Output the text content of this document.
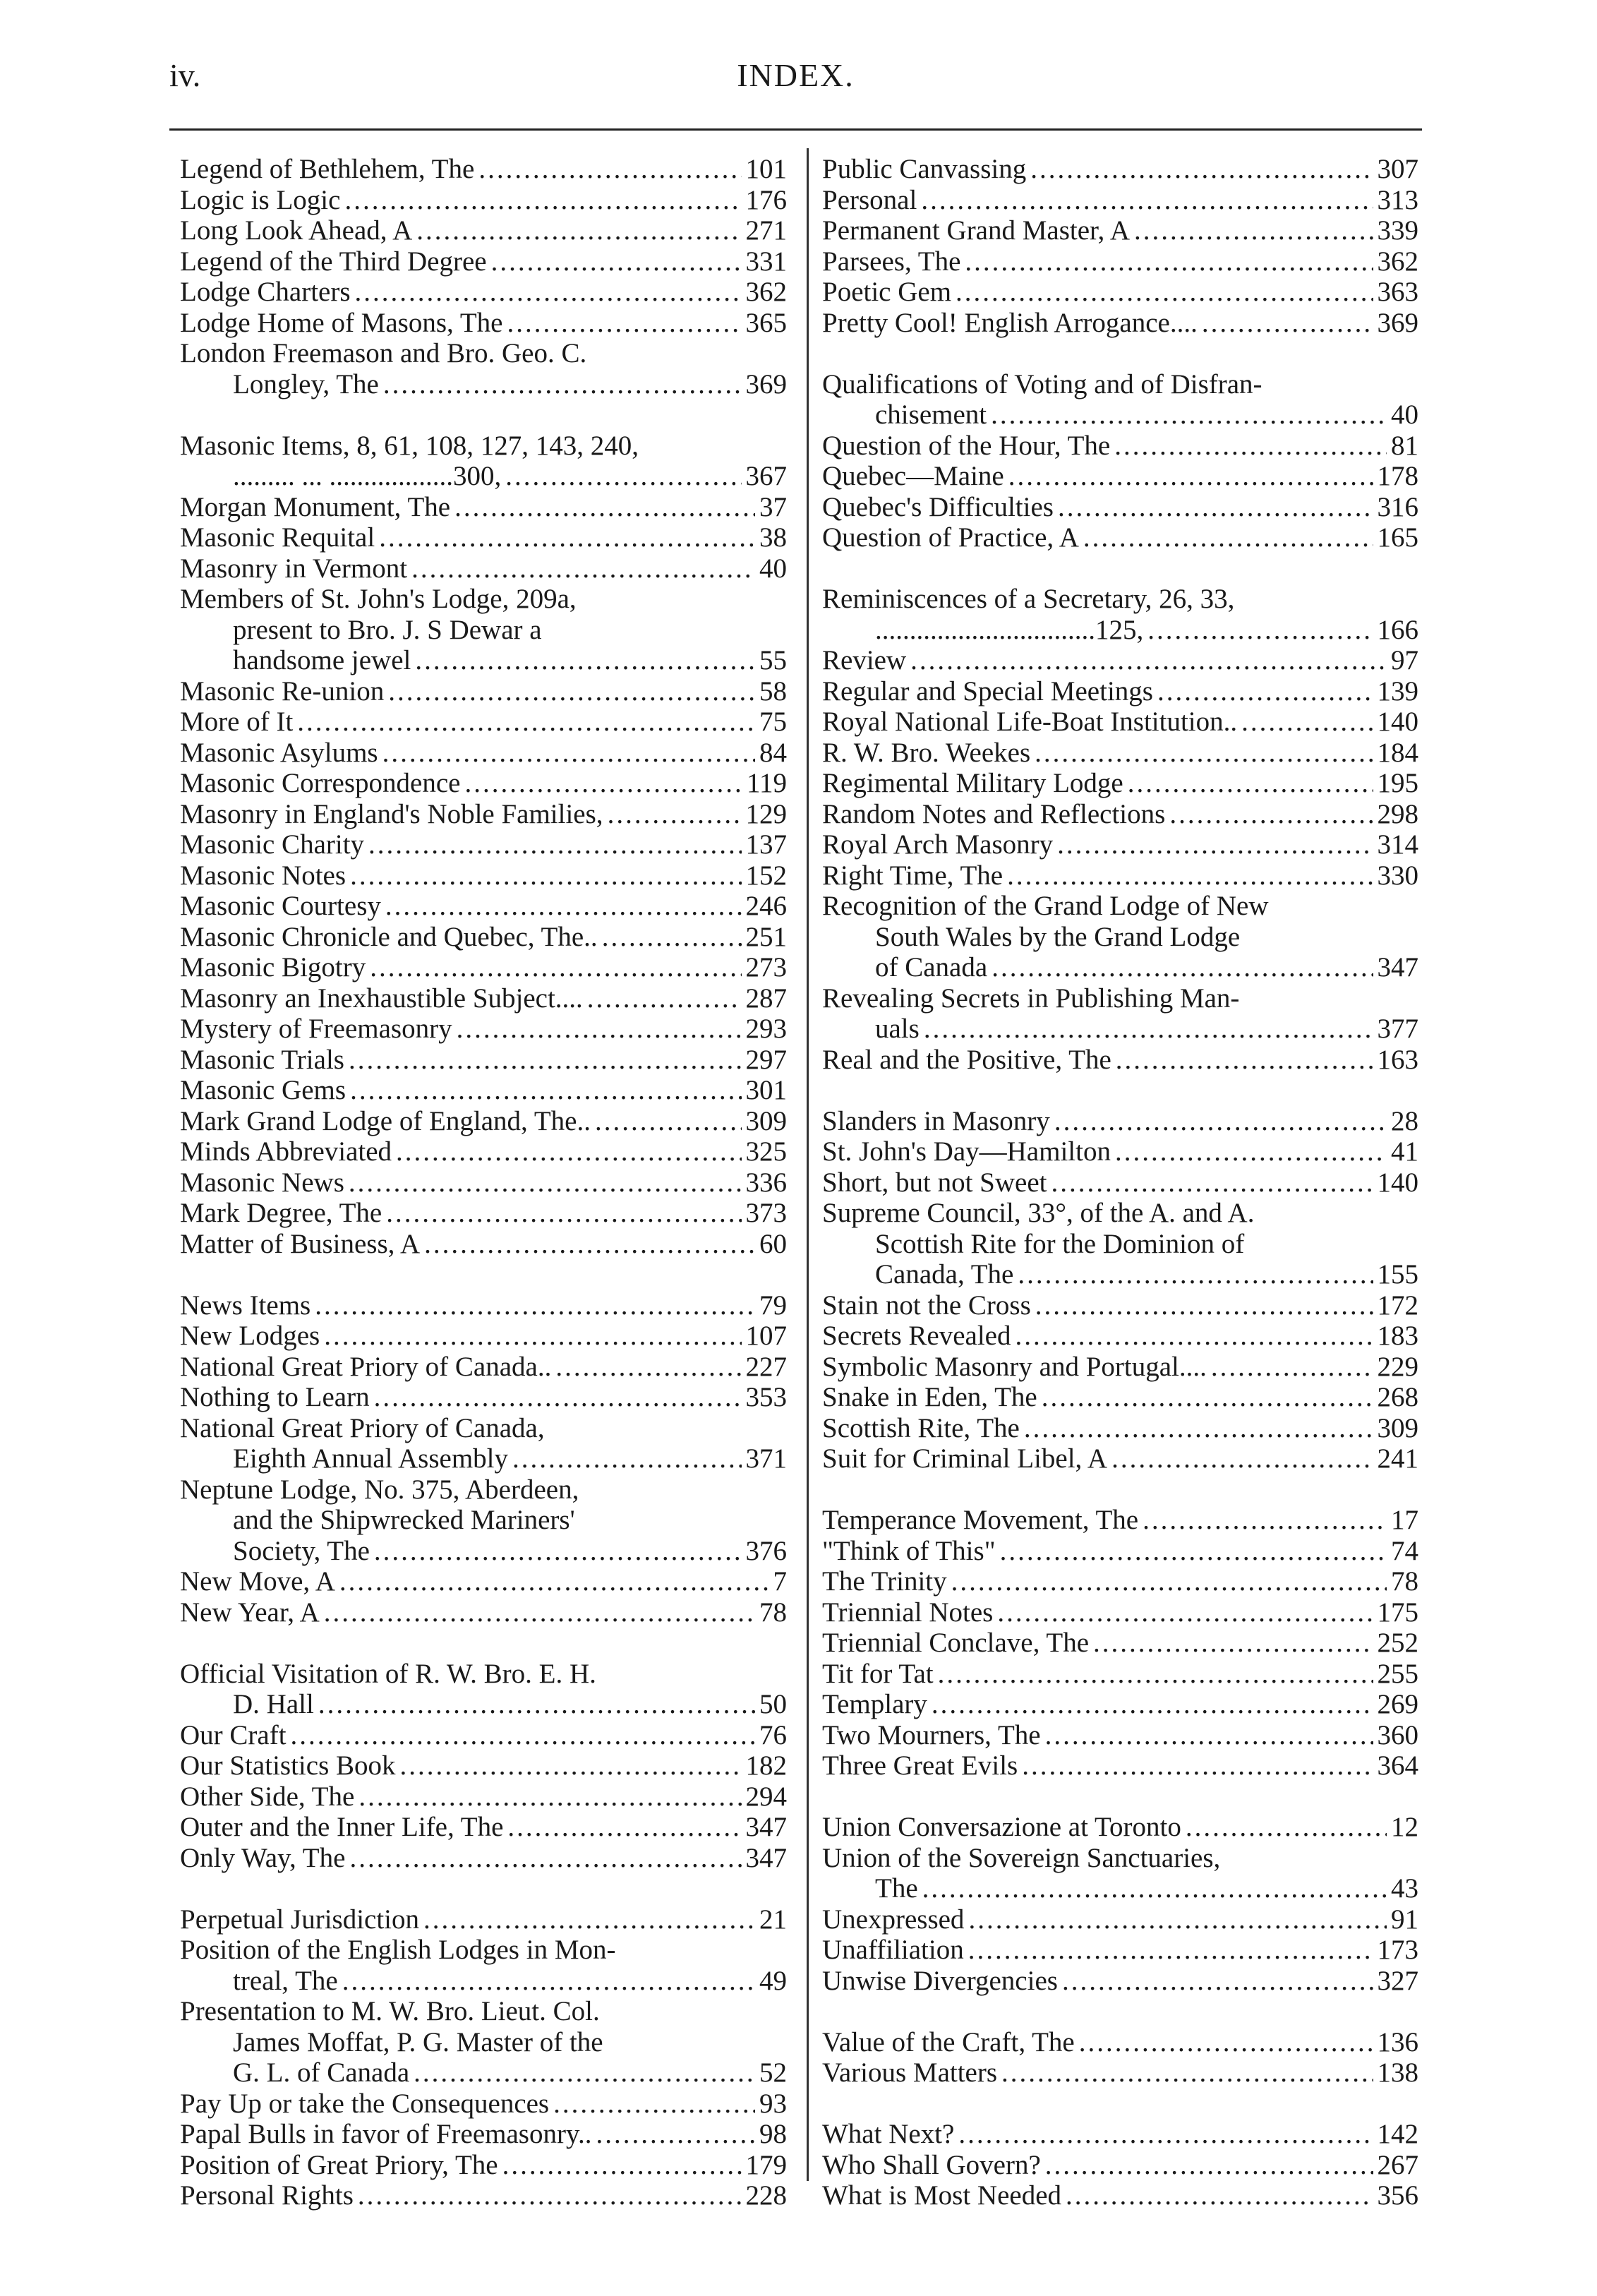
iv.	INDEX.
Legend of Bethlehem, The .....	101
Logic is Logic .....	176
Long Look Ahead, A .....	271
Legend of the Third Degree .....	331
Lodge Charters .....	362
Lodge Home of Masons, The .....	365
London Freemason and Bro. Geo. C.
Longley, The .....	369
Masonic Items, 8, 61, 108, 127, 143, 240,
......... ... ..................300, .....	367
Morgan Monument, The .....	37
Masonic Requital .....	38
Masonry in Vermont .....	40
Members of St. John's Lodge, 209a,
present to Bro. J. S Dewar a
handsome jewel .....	55
Masonic Re-union .....	58
More of It .....	75
Masonic Asylums .....	84
Masonic Correspondence .....	119
Masonry in England's Noble Families, .....	129
Masonic Charity .....	137
Masonic Notes .....	152
Masonic Courtesy .....	246
Masonic Chronicle and Quebec, The.. .....	251
Masonic Bigotry .....	273
Masonry an Inexhaustible Subject.... .....	287
Mystery of Freemasonry .....	293
Masonic Trials .....	297
Masonic Gems .....	301
Mark Grand Lodge of England, The.. .....	309
Minds Abbreviated .....	325
Masonic News .....	336
Mark Degree, The .....	373
Matter of Business, A .....	60
News Items .....	79
New Lodges .....	107
National Great Priory of Canada.. .....	227
Nothing to Learn .....	353
National Great Priory of Canada,
Eighth Annual Assembly .....	371
Neptune Lodge, No. 375, Aberdeen,
and the Shipwrecked Mariners'
Society, The .....	376
New Move, A .....	7
New Year, A .....	78
Official Visitation of R. W. Bro. E. H.
D. Hall .....	50
Our Craft .....	76
Our Statistics Book .....	182
Other Side, The .....	294
Outer and the Inner Life, The .....	347
Only Way, The .....	347
Perpetual Jurisdiction .....	21
Position of the English Lodges in Mon-
treal, The .....	49
Presentation to M. W. Bro. Lieut. Col.
James Moffat, P. G. Master of the
G. L. of Canada .....	52
Pay Up or take the Consequences .....	93
Papal Bulls in favor of Freemasonry.. .....	98
Position of Great Priory, The .....	179
Personal Rights .....	228
Public Canvassing .....	307
Personal .....	313
Permanent Grand Master, A .....	339
Parsees, The .....	362
Poetic Gem .....	363
Pretty Cool! English Arrogance.... .....	369
Qualifications of Voting and of Disfran-
chisement .....	40
Question of the Hour, The .....	81
Quebec—Maine .....	178
Quebec's Difficulties .....	316
Question of Practice, A .....	165
Reminiscences of a Secretary, 26, 33,
................................125, .....	166
Review .....	97
Regular and Special Meetings .....	139
Royal National Life-Boat Institution.. .....	140
R. W. Bro. Weekes .....	184
Regimental Military Lodge .....	195
Random Notes and Reflections .....	298
Royal Arch Masonry .....	314
Right Time, The .....	330
Recognition of the Grand Lodge of New
South Wales by the Grand Lodge
of Canada .....	347
Revealing Secrets in Publishing Man-
uals .....	377
Real and the Positive, The .....	163
Slanders in Masonry .....	28
St. John's Day—Hamilton .....	41
Short, but not Sweet .....	140
Supreme Council, 33°, of the A. and A.
Scottish Rite for the Dominion of
Canada, The .....	155
Stain not the Cross .....	172
Secrets Revealed .....	183
Symbolic Masonry and Portugal.... .....	229
Snake in Eden, The .....	268
Scottish Rite, The .....	309
Suit for Criminal Libel, A .....	241
Temperance Movement, The .....	17
"Think of This" .....	74
The Trinity .....	78
Triennial Notes .....	175
Triennial Conclave, The .....	252
Tit for Tat .....	255
Templary .....	269
Two Mourners, The .....	360
Three Great Evils .....	364
Union Conversazione at Toronto .....	12
Union of the Sovereign Sanctuaries,
The .....	43
Unexpressed .....	91
Unaffiliation .....	173
Unwise Divergencies .....	327
Value of the Craft, The .....	136
Various Matters .....	138
What Next? .....	142
Who Shall Govern? .....	267
What is Most Needed .....	356
